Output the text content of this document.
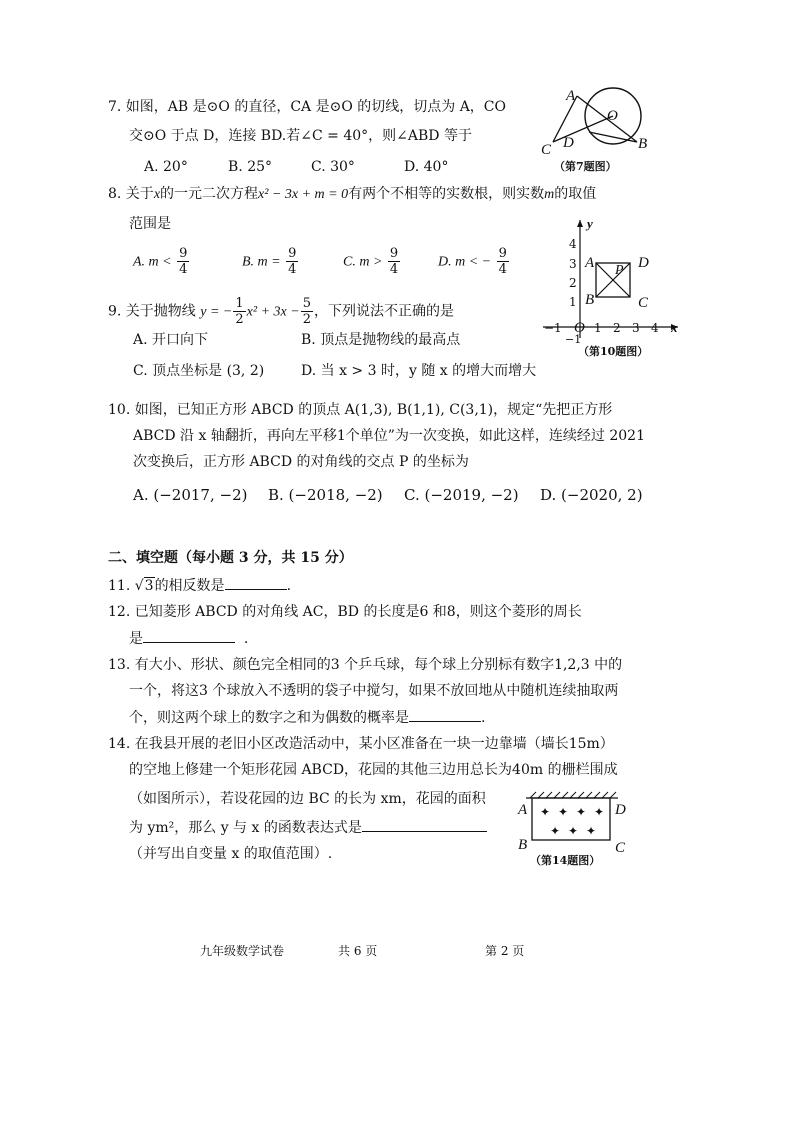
7. 如图，AB 是⊙O 的直径，CA 是⊙O 的切线，切点为 A，CO
交⊙O 于点 D，连接 BD.若∠C = 40°，则∠ABD 等于
A. 20°	B. 25°	C. 30°	D. 40°
A
O
C D	B
（第7题图）
8. 关于x的一元二次方程x² − 3x + m = 0有两个不相等的实数根，则实数m的取值
范围是
A. $m < \frac{9}{4}$	B. $m = \frac{9}{4}$	C. $m > \frac{9}{4}$	D. m < − $\frac{9}{4}$
9. 关于抛物线 y = − $\frac{1}{2} x^2 + 3x - \frac{5}{2}$ ，下列说法不正确的是
A. 开口向下	B. 顶点是抛物线的最高点
C. 顶点坐标是 (3, 2)	D. 当 x > 3 时，y 随 x 的增大而增大
y
4
3
2
1
−1 O 1 2 3 4 x
−1
A P D
B	C
（第10题图）
10. 如图，已知正方形 ABCD 的顶点 A(1,3), B(1,1), C(3,1)，规定“先把正方形
ABCD 沿 x 轴翻折，再向左平移1个单位”为一次变换，如此这样，连续经过 2021
次变换后，正方形 ABCD 的对角线的交点 P 的坐标为
A. (−2017, −2) B. (−2018, −2) C. (−2019, −2) D. (−2020, 2)
二、填空题（每小题 3 分，共 15 分）
11. √3的相反数是	.
12. 已知菱形 ABCD 的对角线 AC，BD 的长度是6 和8，则这个菱形的周长
是	.
13. 有大小、形状、颜色完全相同的3 个乒乓球，每个球上分别标有数字1,2,3 中的
一个，将这3 个球放入不透明的袋子中搅匀，如果不放回地从中随机连续抽取两
个，则这两个球上的数字之和为偶数的概率是	.
14. 在我县开展的老旧小区改造活动中，某小区准备在一块一边靠墙（墙长15m）
的空地上修建一个矩形花园 ABCD，花园的其他三边用总长为40m 的栅栏围成
（如图所示），若设花园的边 BC 的长为 xm，花园的面积
为 ym²，那么 y 与 x 的函数表达式是
（并写出自变量 x 的取值范围）.
✦ ✦ ✦ ✦
✦ ✦ ✦
A	D
B	C
（第14题图）
九年级数学试卷	共 6 页	第 2 页
